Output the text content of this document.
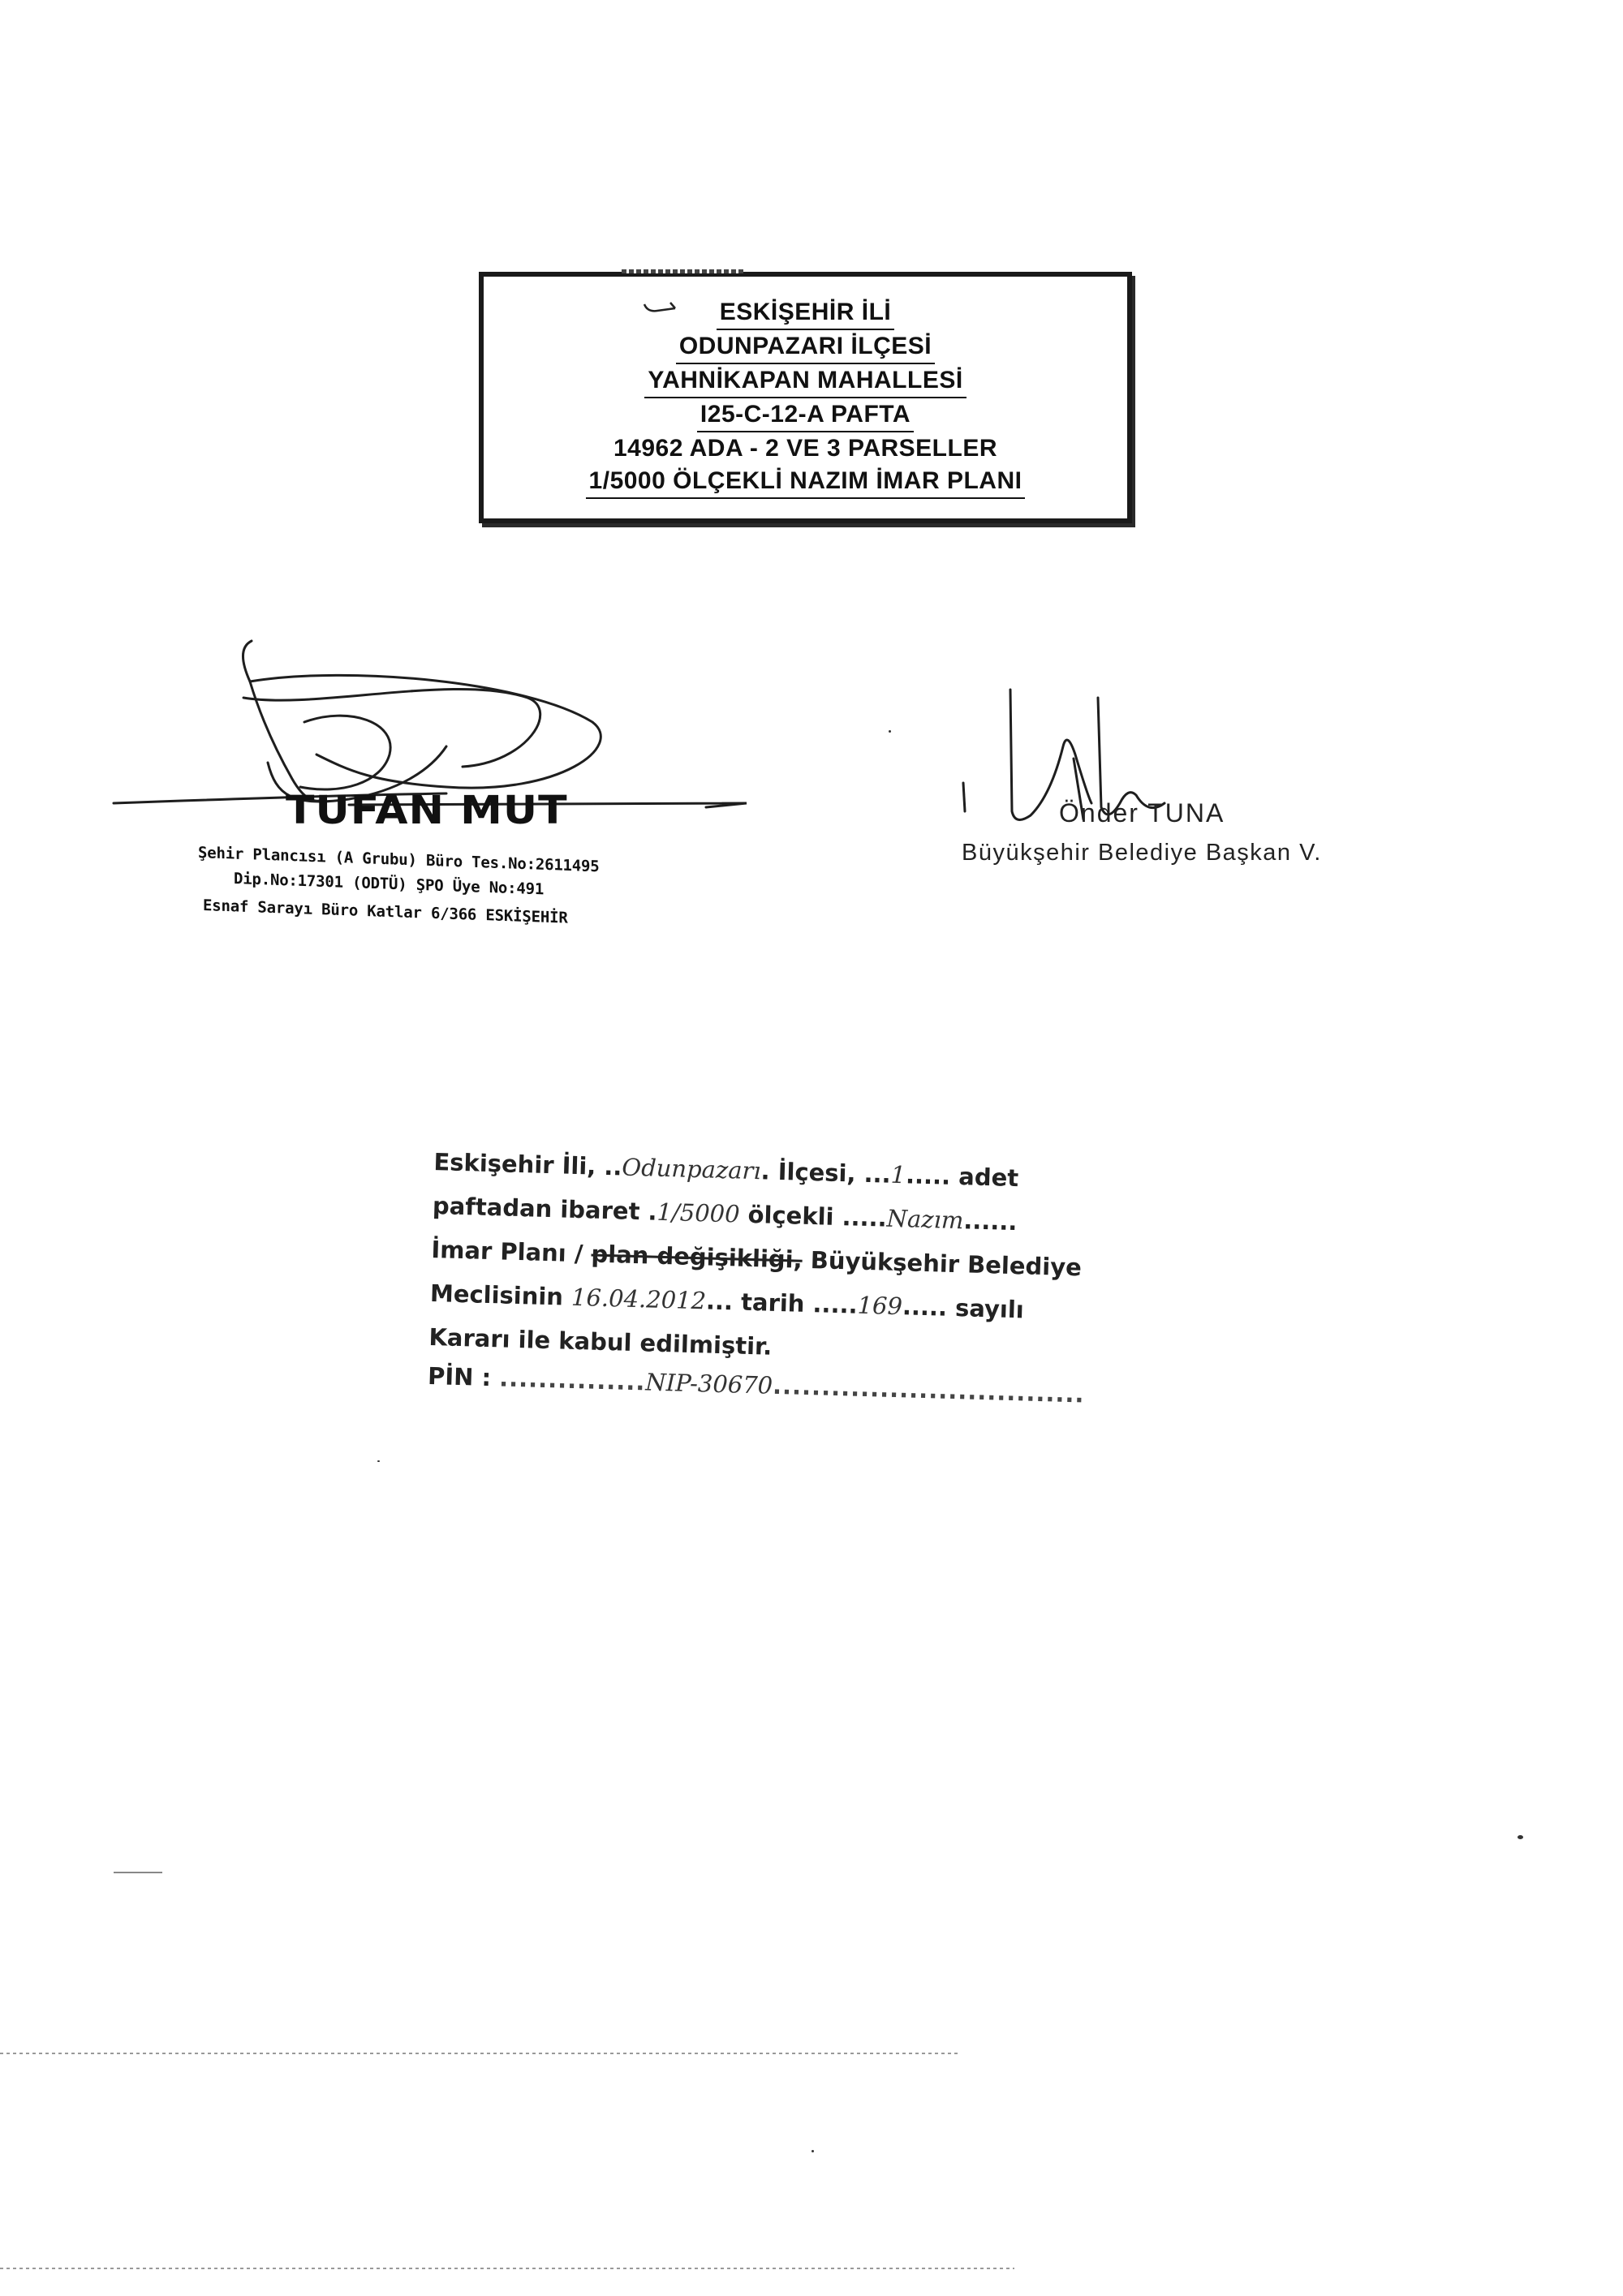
ESKİŞEHİR İLİ
ODUNPAZARI İLÇESİ
YAHNİKAPAN MAHALLESİ
I25-C-12-A PAFTA
14962 ADA - 2 VE 3 PARSELLER
1/5000 ÖLÇEKLİ NAZIM İMAR PLANI
TUFAN MUT
Şehir Plancısı (A Grubu) Büro Tes.No:2611495
Dip.No:17301 (ODTÜ) ŞPO Üye No:491
Esnaf Sarayı Büro Katlar 6/366 ESKİŞEHİR
Önder TUNA
Büyükşehir Belediye Başkan V.
Eskişehir İli, ..Odunpazarı. İlçesi, ...1..... adet
paftadan ibaret .1/5000 ölçekli .....Nazım......
İmar Planı / plan değişikliği, Büyükşehir Belediye
Meclisinin 16.04.2012... tarih .....169..... sayılı
Kararı ile kabul edilmiştir.
PİN : ...............NIP-30670................................
